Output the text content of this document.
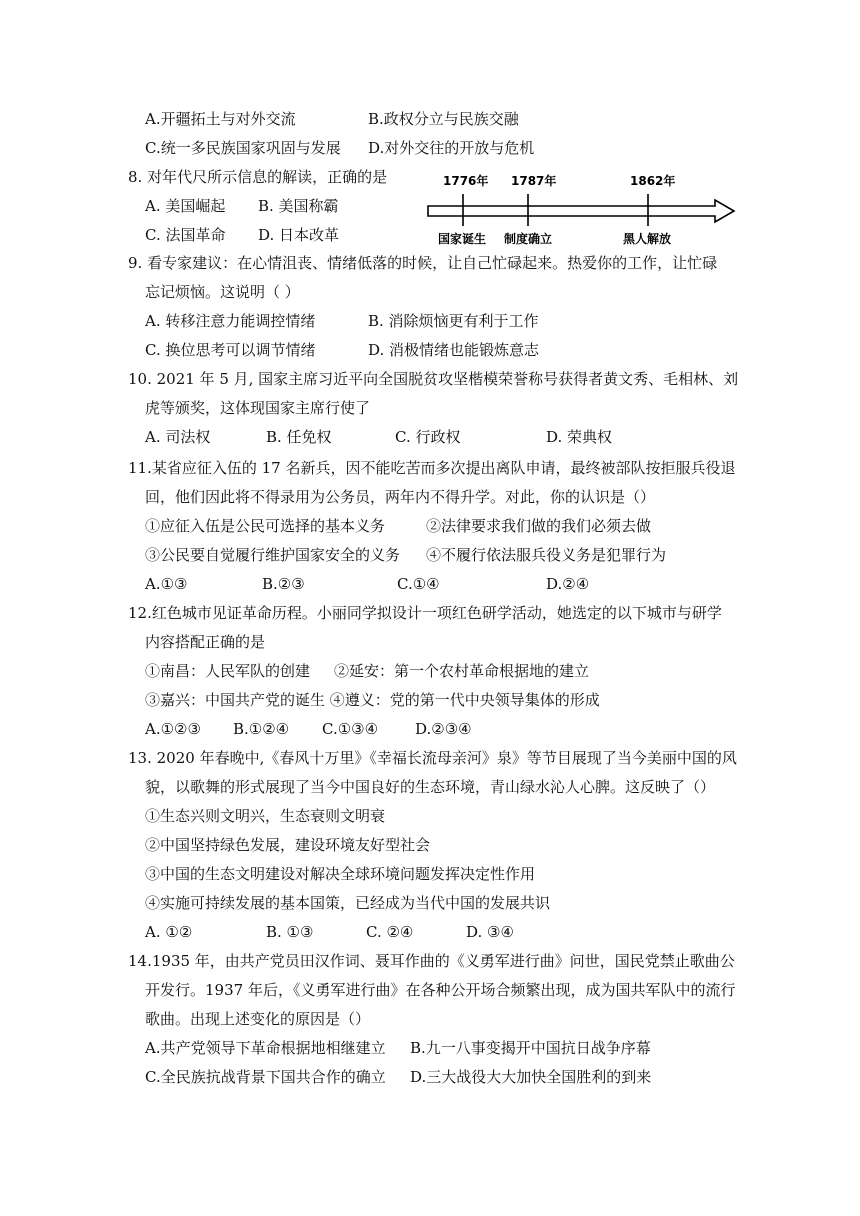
A.开疆拓土与对外交流	B.政权分立与民族交融
C.统一多民族国家巩固与发展 D.对外交往的开放与危机
8. 对年代尺所示信息的解读，正确的是
A. 美国崛起 B. 美国称霸
C. 法国革命 D. 日本改革
1776年 1787年	1862年
国家诞生 制度确立	黑人解放
9. 看专家建议：在心情沮丧、情绪低落的时候，让自己忙碌起来。热爱你的工作，让忙碌
忘记烦恼。这说明（ ）
A. 转移注意力能调控情绪	B. 消除烦恼更有利于工作
C. 换位思考可以调节情绪	D. 消极情绪也能锻炼意志
10. 2021 年 5 月, 国家主席习近平向全国脱贫攻坚楷模荣誉称号获得者黄文秀、毛相林、刘
虎等颁奖，这体现国家主席行使了
A. 司法权	B. 任免权	C. 行政权	D. 荣典权
11.某省应征入伍的 17 名新兵，因不能吃苦而多次提出离队申请，最终被部队按拒服兵役退
回，他们因此将不得录用为公务员，两年内不得升学。对此，你的认识是（）
①应征入伍是公民可选择的基本义务	②法律要求我们做的我们必须去做
③公民要自觉履行维护国家安全的义务 ④不履行依法服兵役义务是犯罪行为
A.①③	B.②③	C.①④	D.②④
12.红色城市见证革命历程。小丽同学拟设计一项红色研学活动，她选定的以下城市与研学
内容搭配正确的是
①南昌：人民军队的创建 ②延安：第一个农村革命根据地的建立
③嘉兴：中国共产党的诞生 ④遵义：党的第一代中央领导集体的形成
A.①②③ B.①②④ C.①③④ D.②③④
13. 2020 年春晚中,《春风十万里》《幸福长流母亲河》泉》等节目展现了当今美丽中国的风
貌，以歌舞的形式展现了当今中国良好的生态环境，青山绿水沁人心脾。这反映了（）
①生态兴则文明兴，生态衰则文明衰
②中国坚持绿色发展，建设环境友好型社会
③中国的生态文明建设对解决全球环境问题发挥决定性作用
④实施可持续发展的基本国策，已经成为当代中国的发展共识
A. ①②	B. ①③	C. ②④	D. ③④
14.1935 年，由共产党员田汉作词、聂耳作曲的《义勇军进行曲》问世，国民党禁止歌曲公
开发行。1937 年后，《义勇军进行曲》在各种公开场合频繁出现，成为国共军队中的流行
歌曲。出现上述变化的原因是（）
A.共产党领导下革命根据地相继建立 B.九一八事变揭开中国抗日战争序幕
C.全民族抗战背景下国共合作的确立 D.三大战役大大加快全国胜利的到来
